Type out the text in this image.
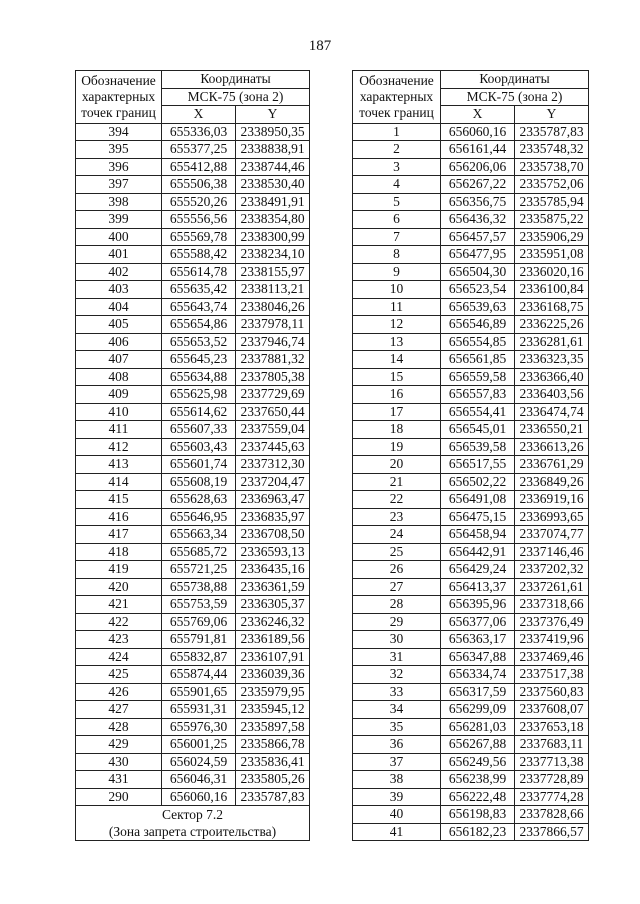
187
Обозначение характерных точек границ	Координаты	
	МСК-75 (зона 2)	
	X	Y
394	655336,03	2338950,35
395	655377,25	2338838,91
396	655412,88	2338744,46
397	655506,38	2338530,40
398	655520,26	2338491,91
399	655556,56	2338354,80
400	655569,78	2338300,99
401	655588,42	2338234,10
402	655614,78	2338155,97
403	655635,42	2338113,21
404	655643,74	2338046,26
405	655654,86	2337978,11
406	655653,52	2337946,74
407	655645,23	2337881,32
408	655634,88	2337805,38
409	655625,98	2337729,69
410	655614,62	2337650,44
411	655607,33	2337559,04
412	655603,43	2337445,63
413	655601,74	2337312,30
414	655608,19	2337204,47
415	655628,63	2336963,47
416	655646,95	2336835,97
417	655663,34	2336708,50
418	655685,72	2336593,13
419	655721,25	2336435,16
420	655738,88	2336361,59
421	655753,59	2336305,37
422	655769,06	2336246,32
423	655791,81	2336189,56
424	655832,87	2336107,91
425	655874,44	2336039,36
426	655901,65	2335979,95
427	655931,31	2335945,12
428	655976,30	2335897,58
429	656001,25	2335866,78
430	656024,59	2335836,41
431	656046,31	2335805,26
290	656060,16	2335787,83

Сектор 7.2
(Зона запрета строительства)		
Обозначение характерных точек границ	Координаты	
	МСК-75 (зона 2)	
	X	Y
1	656060,16	2335787,83
2	656161,44	2335748,32
3	656206,06	2335738,70
4	656267,22	2335752,06
5	656356,75	2335785,94
6	656436,32	2335875,22
7	656457,57	2335906,29
8	656477,95	2335951,08
9	656504,30	2336020,16
10	656523,54	2336100,84
11	656539,63	2336168,75
12	656546,89	2336225,26
13	656554,85	2336281,61
14	656561,85	2336323,35
15	656559,58	2336366,40
16	656557,83	2336403,56
17	656554,41	2336474,74
18	656545,01	2336550,21
19	656539,58	2336613,26
20	656517,55	2336761,29
21	656502,22	2336849,26
22	656491,08	2336919,16
23	656475,15	2336993,65
24	656458,94	2337074,77
25	656442,91	2337146,46
26	656429,24	2337202,32
27	656413,37	2337261,61
28	656395,96	2337318,66
29	656377,06	2337376,49
30	656363,17	2337419,96
31	656347,88	2337469,46
32	656334,74	2337517,38
33	656317,59	2337560,83
34	656299,09	2337608,07
35	656281,03	2337653,18
36	656267,88	2337683,11
37	656249,56	2337713,38
38	656238,99	2337728,89
39	656222,48	2337774,28
40	656198,83	2337828,66
41	656182,23	2337866,57
